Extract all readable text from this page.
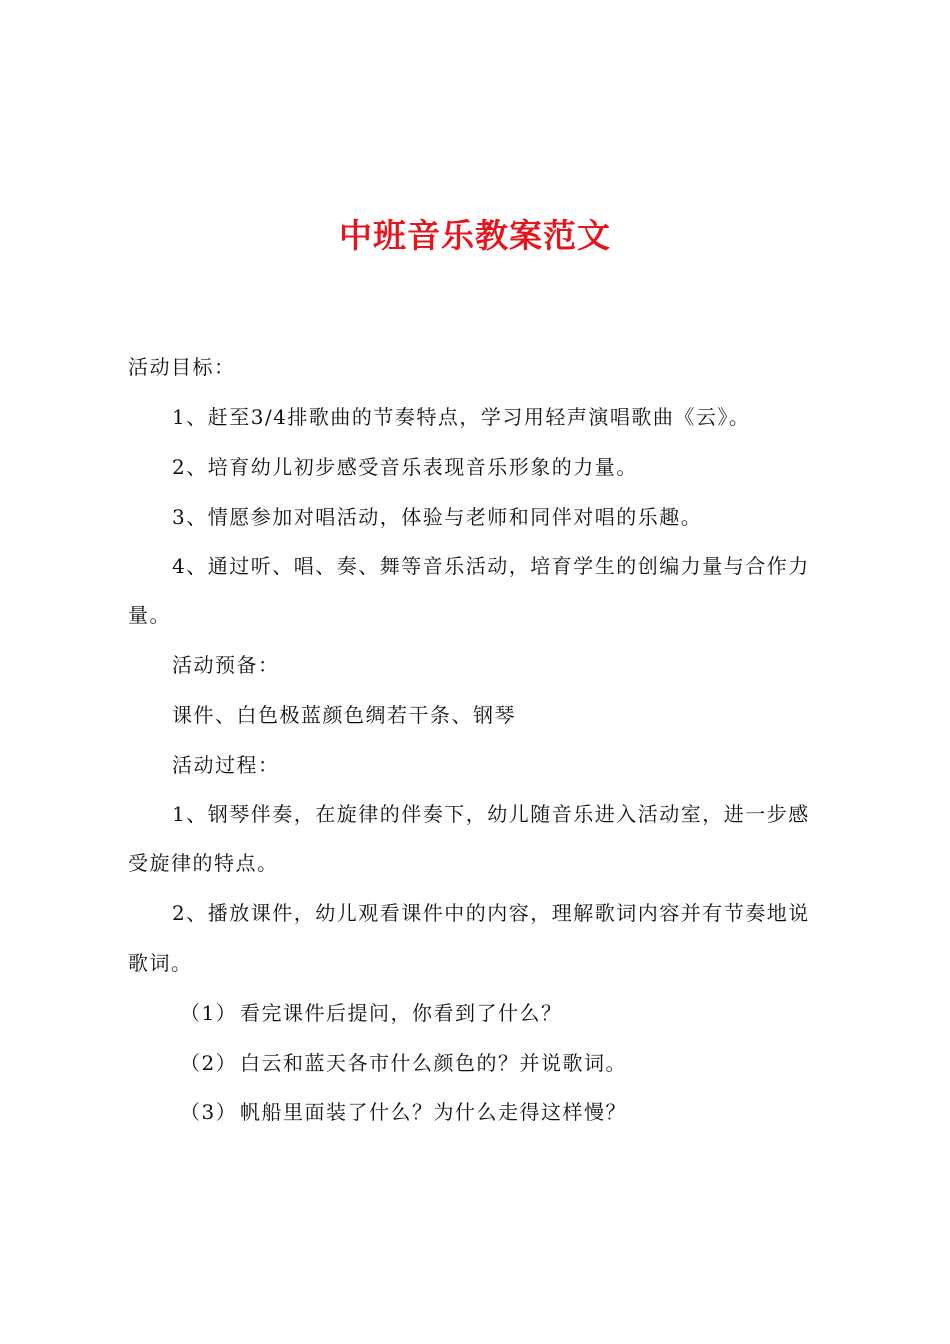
中班音乐教案范文
活动目标：
1、赶至3/4排歌曲的节奏特点，学习用轻声演唱歌曲《云》。
2、培育幼儿初步感受音乐表现音乐形象的力量。
3、情愿参加对唱活动，体验与老师和同伴对唱的乐趣。
4、通过听、唱、奏、舞等音乐活动，培育学生的创编力量与合作力
量。
活动预备：
课件、白色极蓝颜色绸若干条、钢琴
活动过程：
1、钢琴伴奏，在旋律的伴奏下，幼儿随音乐进入活动室，进一步感
受旋律的特点。
2、播放课件，幼儿观看课件中的内容，理解歌词内容并有节奏地说
歌词。
（1） 看完课件后提问，你看到了什么？
（2） 白云和蓝天各市什么颜色的？并说歌词。
（3） 帆船里面装了什么？为什么走得这样慢？
